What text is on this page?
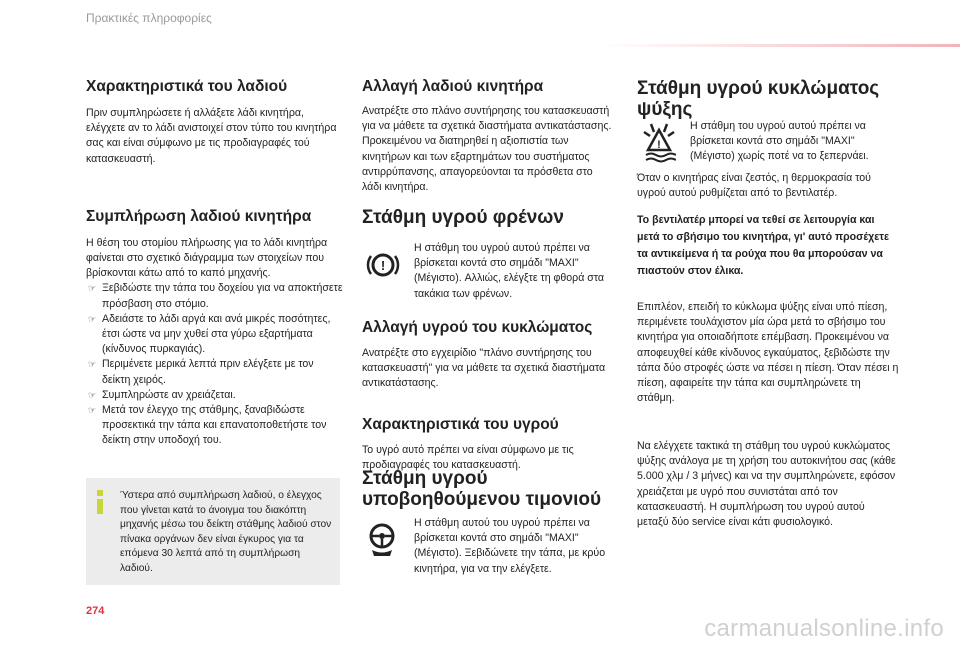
Πρακτικές πληροφορίες
Χαρακτηριστικά του λαδιού

Πριν συμπληρώσετε ή αλλάξετε λάδι κινητήρα, ελέγχετε αν το λάδι ανιστοιχεί στον τύπο του κινητήρα σας και είναι σύμφωνο με τις προδιαγραφές τού κατασκευαστή.

Συμπλήρωση λαδιού κινητήρα

Η θέση του στομίου πλήρωσης για το λάδι κινητήρα φαίνεται στο σχετικό διάγραμμα των στοιχείων που βρίσκονται κάτω από το καπό μηχανής.

☞ Ξεβιδώστε την τάπα του δοχείου για να αποκτήσετε πρόσβαση στο στόμιο.
☞ Αδειάστε το λάδι αργά και ανά μικρές ποσότητες, έτσι ώστε να μην χυθεί στα γύρω εξαρτήματα (κίνδυνος πυρκαγιάς).
☞ Περιμένετε μερικά λεπτά πριν ελέγξετε με τον δείκτη χειρός.
☞ Συμπληρώστε αν χρειάζεται.
☞ Μετά τον έλεγχο της στάθμης, ξαναβιδώστε προσεκτικά την τάπα και επανατοποθετήστε τον δείκτη στην υποδοχή του.

Ύστερα από συμπλήρωση λαδιού, ο έλεγχος που γίνεται κατά το άνοιγμα του διακόπτη μηχανής μέσω του δείκτη στάθμης λαδιού στον πίνακα οργάνων δεν είναι έγκυρος για τα επόμενα 30 λεπτά από τη συμπλήρωση λαδιού.

Αλλαγή λαδιού κινητήρα

Ανατρέξτε στο πλάνο συντήρησης του κατασκευαστή για να μάθετε τα σχετικά διαστήματα αντικατάστασης. Προκειμένου να διατηρηθεί η αξιοπιστία των κινητήρων και των εξαρτημάτων του συστήματος αντιρρύπανσης, απαγορεύονται τα πρόσθετα στο λάδι κινητήρα.

Στάθμη υγρού φρένων
!

Η στάθμη του υγρού αυτού πρέπει να βρίσκεται κοντά στο σημάδι "MAXI" (Μέγιστο). Αλλιώς, ελέγξτε τη φθορά στα τακάκια των φρένων.

Αλλαγή υγρού του κυκλώματος

Ανατρέξτε στο εγχειρίδιο "πλάνο συντήρησης του κατασκευαστή" για να μάθετε τα σχετικά διαστήματα αντικατάστασης.

Χαρακτηριστικά του υγρού

Το υγρό αυτό πρέπει να είναι σύμφωνο με τις προδιαγραφές του κατασκευαστή.

Στάθμη υγρού υποβοηθούμενου τιμονιού

Η στάθμη αυτού του υγρού πρέπει να βρίσκεται κοντά στο σημάδι "MAXI" (Μέγιστο). Ξεβιδώνετε την τάπα, με κρύο κινητήρα, για να την ελέγξετε.

Στάθμη υγρού κυκλώματος ψύξης
!

Η στάθμη του υγρού αυτού πρέπει να βρίσκεται κοντά στο σημάδι "MAXI" (Μέγιστο) χωρίς ποτέ να το ξεπερνάει.

Όταν ο κινητήρας είναι ζεστός, η θερμοκρασία τού υγρού αυτού ρυθμίζεται από το βεντιλατέρ.

Το βεντιλατέρ μπορεί να τεθεί σε λειτουργία και μετά το σβήσιμο του κινητήρα, γι' αυτό προσέχετε τα αντικείμενα ή τα ρούχα που θα μπορούσαν να πιαστούν στον έλικα.

Επιπλέον, επειδή το κύκλωμα ψύξης είναι υπό πίεση, περιμένετε τουλάχιστον μία ώρα μετά το σβήσιμο του κινητήρα για οποιαδήποτε επέμβαση. Προκειμένου να αποφευχθεί κάθε κίνδυνος εγκαύματος, ξεβιδώστε την τάπα δύο στροφές ώστε να πέσει η πίεση. Όταν πέσει η πίεση, αφαιρείτε την τάπα και συμπληρώνετε τη στάθμη.

Να ελέγχετε τακτικά τη στάθμη του υγρού κυκλώματος ψύξης ανάλογα με τη χρήση του αυτοκινήτου σας (κάθε 5.000 χλμ / 3 μήνες) και να την συμπληρώνετε, εφόσον χρειάζεται με υγρό που συνιστάται από τον κατασκευαστή. Η συμπλήρωση του υγρού αυτού μεταξύ δύο service είναι κάτι φυσιολογικό.

274
carmanualsonline.info
